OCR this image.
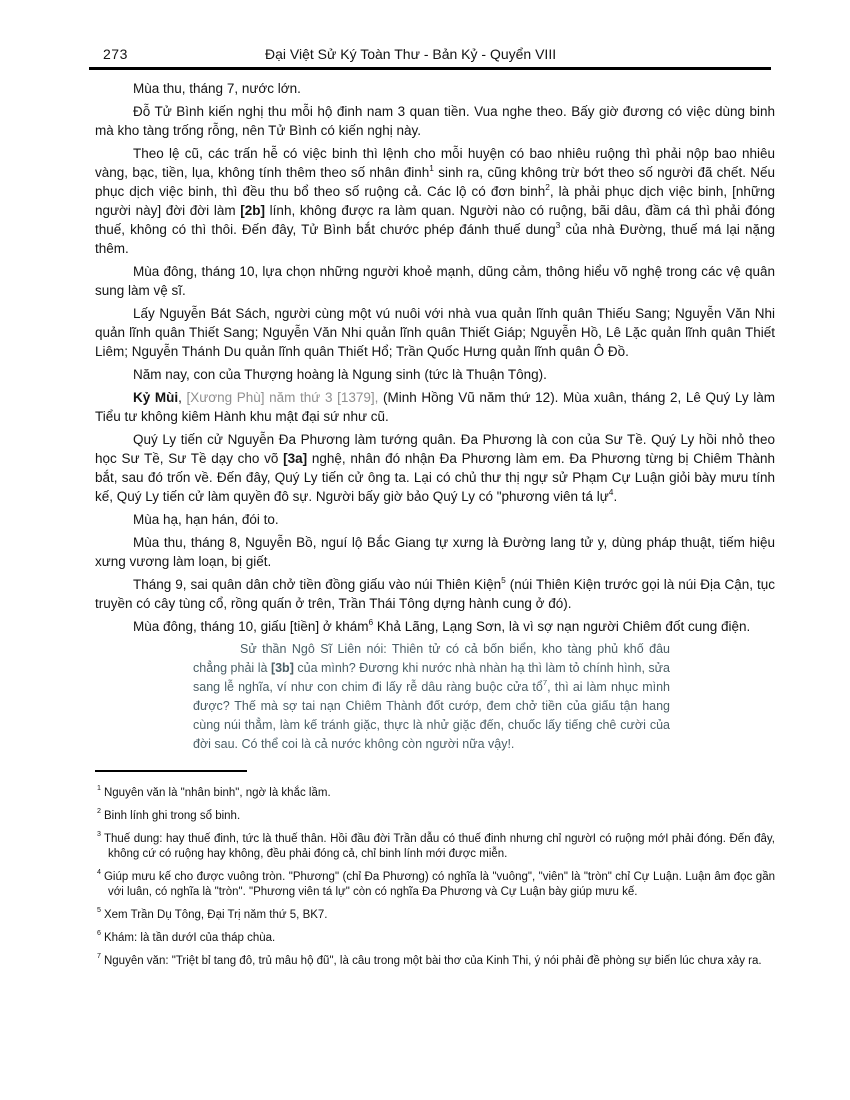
273	Đại Việt Sử Ký Toàn Thư - Bản Kỷ - Quyển VIII

Mùa thu, tháng 7, nước lớn.

Đỗ Tử Bình kiến nghị thu mỗi hộ đinh nam 3 quan tiền. Vua nghe theo. Bấy giờ đương có việc dùng binh mà kho tàng trống rỗng, nên Tử Bình có kiến nghị này.

Theo lệ cũ, các trấn hễ có việc binh thì lệnh cho mỗi huyện có bao nhiêu ruộng thì phải nộp bao nhiêu vàng, bạc, tiền, lụa, không tính thêm theo số nhân đinh$^1$ sinh ra, cũng không trừ bớt theo số người đã chết. Nếu phục dịch việc binh, thì đều thu bổ theo số ruộng cả. Các lộ có đơn binh$^2$, là phải phục dịch việc binh, [những người này] đời đời làm [2b] lính, không được ra làm quan. Người nào có ruộng, bãi dâu, đầm cá thì phải đóng thuế, không có thì thôi. Đến đây, Tử Bình bắt chước phép đánh thuế dung$^3$ của nhà Đường, thuế má lại nặng thêm.

Mùa đông, tháng 10, lựa chọn những người khoẻ mạnh, dũng cảm, thông hiểu võ nghệ trong các vệ quân sung làm vệ sĩ.

Lấy Nguyễn Bát Sách, người cùng một vú nuôi với nhà vua quản lĩnh quân Thiếu Sang; Nguyễn Văn Nhi quản lĩnh quân Thiết Sang; Nguyễn Văn Nhi quản lĩnh quân Thiết Giáp; Nguyễn Hồ, Lê Lặc quản lĩnh quân Thiết Liêm; Nguyễn Thánh Du quản lĩnh quân Thiết Hổ; Trần Quốc Hưng quản lĩnh quân Ô Đồ.

Năm nay, con của Thượng hoàng là Ngung sinh (tức là Thuận Tông).

Kỷ Mùi, [Xương Phù] năm thứ 3 [1379], (Minh Hồng Vũ năm thứ 12). Mùa xuân, tháng 2, Lê Quý Ly làm Tiểu tư không kiêm Hành khu mật đại sứ như cũ.

Quý Ly tiến cử Nguyễn Đa Phương làm tướng quân. Đa Phương là con của Sư Tề. Quý Ly hồi nhỏ theo học Sư Tề, Sư Tề dạy cho võ [3a] nghệ, nhân đó nhận Đa Phương làm em. Đa Phương từng bị Chiêm Thành bắt, sau đó trốn về. Đến đây, Quý Ly tiến cử ông ta. Lại có chủ thư thị ngự sử Phạm Cự Luận giỏi bày mưu tính kế, Quý Ly tiến cử làm quyền đô sự. Người bấy giờ bảo Quý Ly có "phương viên tá lự$^4$.

Mùa hạ, hạn hán, đói to.

Mùa thu, tháng 8, Nguyễn Bồ, nguí lộ Bắc Giang tự xưng là Đường lang tử y, dùng pháp thuật, tiếm hiệu xưng vương làm loạn, bị giết.

Tháng 9, sai quân dân chở tiền đồng giấu vào núi Thiên Kiện$^5$ (núi Thiên Kiện trước gọi là núi Địa Cận, tục truyền có cây tùng cổ, rồng quấn ở trên, Trần Thái Tông dựng hành cung ở đó).

Mùa đông, tháng 10, giấu [tiền] ở khám$^6$ Khả Lãng, Lạng Sơn, là vì sợ nạn người Chiêm đốt cung điện.

Sử thần Ngô Sĩ Liên nói: Thiên tử có cả bốn biển, kho tàng phủ khố đâu chẳng phải là [3b] của mình? Đương khi nước nhà nhàn hạ thì làm tỏ chính hình, sửa sang lễ nghĩa, ví như con chim đi lấy rễ dâu ràng buộc cửa tổ$^7$, thì ai làm nhục mình được? Thế mà sợ tai nạn Chiêm Thành đốt cướp, đem chở tiền của giấu tận hang cùng núi thẳm, làm kế tránh giặc, thực là nhử giặc đến, chuốc lấy tiếng chê cười của đời sau. Có thể coi là cả nước không còn người nữa vậy!.

$^1$ Nguyên văn là "nhân binh", ngờ là khắc lầm.

$^2$ Binh lính ghi trong sổ binh.

$^3$ Thuế dung: hay thuế đinh, tức là thuế thân. Hồi đầu đời Trần dẫu có thuế đinh nhưng chỉ ngườI có ruộng mớI phải đóng. Đến đây, không cứ có ruộng hay không, đều phải đóng cả, chỉ binh lính mới được miễn.

$^4$ Giúp mưu kế cho được vuông tròn. "Phương" (chỉ Đa Phương) có nghĩa là "vuông", "viên" là "tròn" chỉ Cự Luận. Luận âm đọc gần với luân, có nghĩa là "tròn". "Phương viên tá lự" còn có nghĩa Đa Phương và Cự Luận bày giúp mưu kế.

$^5$ Xem Trần Dụ Tông, Đại Trị năm thứ 5, BK7.

$^6$ Khám: là tần dướI của tháp chùa.

$^7$ Nguyên văn: "Triệt bỉ tang đô, trủ mâu hộ đũ", là câu trong một bài thơ của Kinh Thi, ý nói phải đề phòng sự biến lúc chưa xảy ra.
